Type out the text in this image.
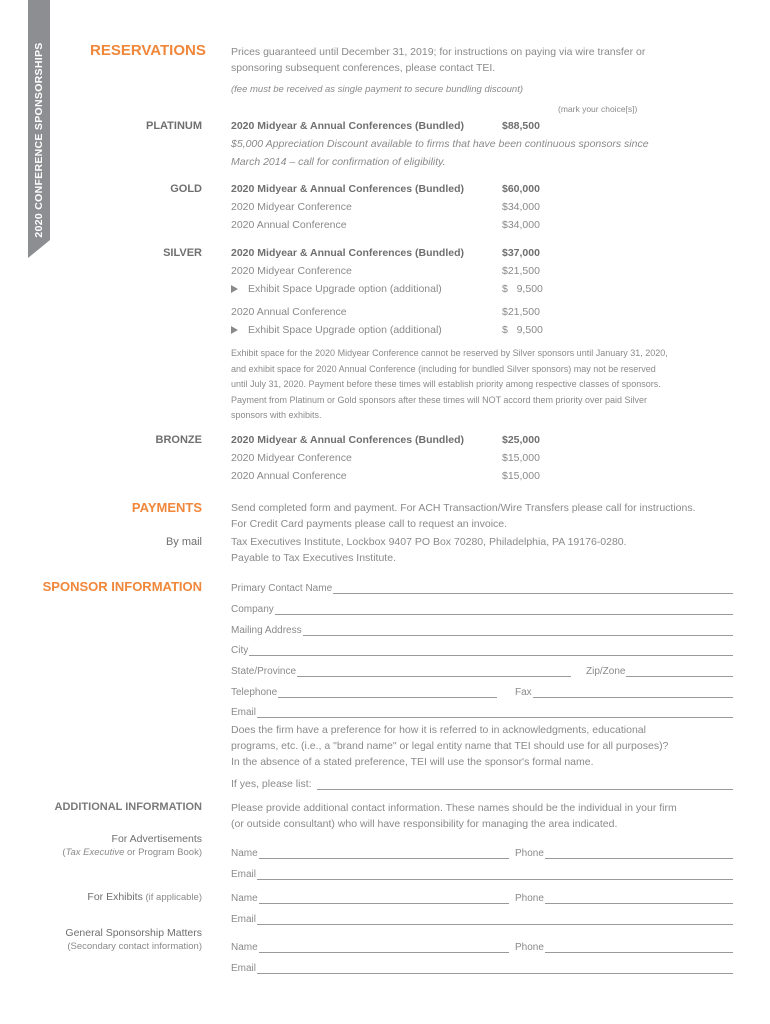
2020 CONFERENCE SPONSORSHIPS	RESERVATIONS Prices guaranteed until December 31, 2019; for instructions on paying via wire transfer or
sponsoring subsequent conferences, please contact TEI.
(fee must be received as single payment to secure bundling discount)
(mark your choice[s])
PLATINUM	2020 Midyear & Annual Conferences (Bundled)	$88,500
$5,000 Appreciation Discount available to firms that have been continuous sponsors since
March 2014 – call for confirmation of eligibility.
GOLD	2020 Midyear & Annual Conferences (Bundled)	$60,000
2020 Midyear Conference	$34,000
2020 Annual Conference	$34,000
SILVER	2020 Midyear & Annual Conferences (Bundled)	$37,000
2020 Midyear Conference	$21,500
Exhibit Space Upgrade option (additional)	$   9,500
2020 Annual Conference	$21,500
Exhibit Space Upgrade option (additional)	$   9,500
Exhibit space for the 2020 Midyear Conference cannot be reserved by Silver sponsors until January 31, 2020,
and exhibit space for 2020 Annual Conference (including for bundled Silver sponsors) may not be reserved
until July 31, 2020. Payment before these times will establish priority among respective classes of sponsors.
Payment from Platinum or Gold sponsors after these times will NOT accord them priority over paid Silver
sponsors with exhibits.
BRONZE	2020 Midyear & Annual Conferences (Bundled)	$25,000
2020 Midyear Conference	$15,000
2020 Annual Conference	$15,000
PAYMENTS	Send completed form and payment. For ACH Transaction/Wire Transfers please call for instructions.
For Credit Card payments please call to request an invoice.
By mail	Tax Executives Institute, Lockbox 9407 PO Box 70280, Philadelphia, PA 19176-0280.
Payable to Tax Executives Institute.
SPONSOR INFORMATION	Primary Contact Name
Company
Mailing Address
City
State/Province	Zip/Zone
Telephone	Fax
Email
Does the firm have a preference for how it is referred to in acknowledgments, educational
programs, etc. (i.e., a "brand name" or legal entity name that TEI should use for all purposes)?
In the absence of a stated preference, TEI will use the sponsor's formal name.
If yes, please list:
ADDITIONAL INFORMATION	Please provide additional contact information. These names should be the individual in your firm
(or outside consultant) who will have responsibility for managing the area indicated.
For Advertisements
(Tax Executive or Program Book)	Name	Phone
Email
For Exhibits (if applicable)	Name	Phone
Email
General Sponsorship Matters
(Secondary contact information)	Name	Phone
Email
